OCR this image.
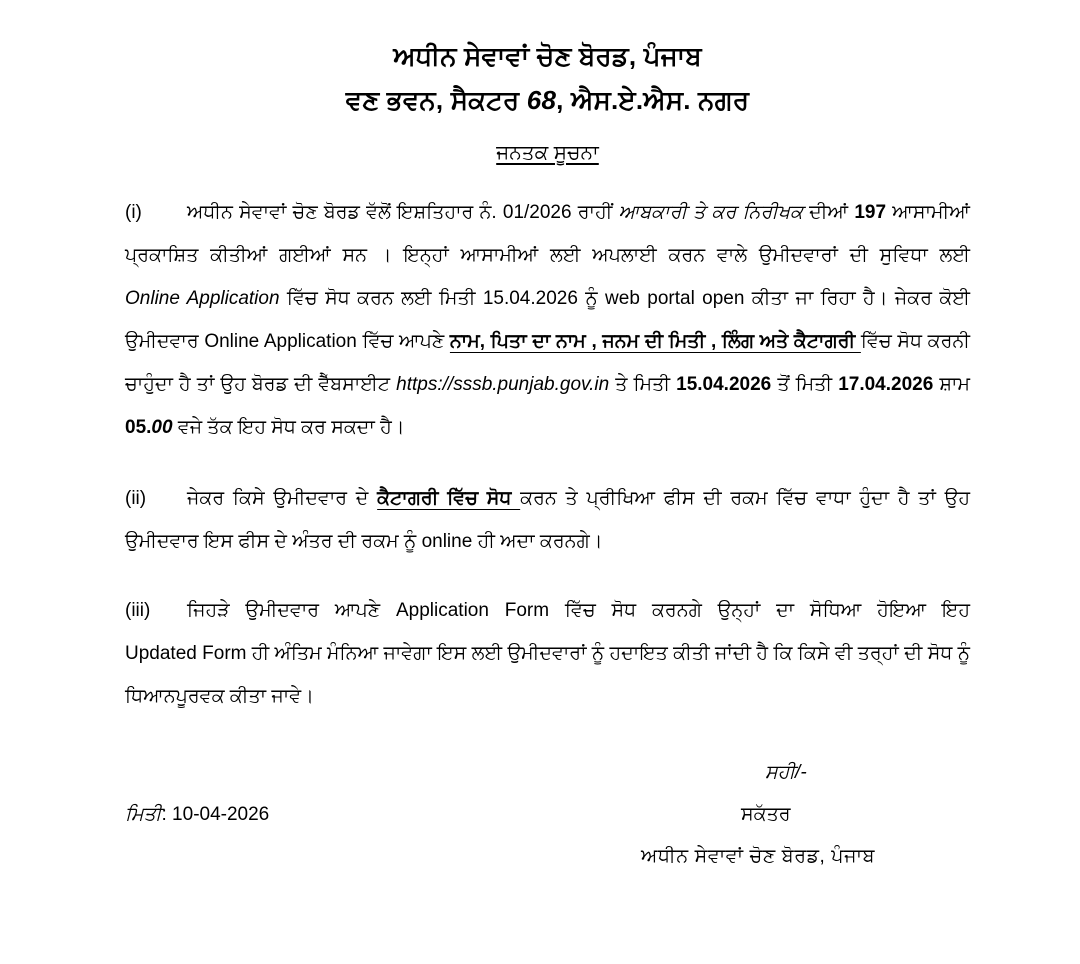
ਅਧੀਨ ਸੇਵਾਵਾਂ ਚੋਣ ਬੋਰਡ, ਪੰਜਾਬ
ਵਣ ਭਵਨ, ਸੈਕਟਰ 68, ਐਸ.ਏ.ਐਸ. ਨਗਰ
ਜਨਤਕ ਸੂਚਨਾ
(i) ਅਧੀਨ ਸੇਵਾਵਾਂ ਚੋਣ ਬੋਰਡ ਵੱਲੋਂ ਇਸ਼ਤਿਹਾਰ ਨੰ. 01/2026 ਰਾਹੀਂ ਆਬਕਾਰੀ ਤੇ ਕਰ ਨਿਰੀਖਕ ਦੀਆਂ 197 ਆਸਾਮੀਆਂ ਪ੍ਰਕਾਸ਼ਿਤ ਕੀਤੀਆਂ ਗਈਆਂ ਸਨ । ਇਨ੍ਹਾਂ ਆਸਾਮੀਆਂ ਲਈ ਅਪਲਾਈ ਕਰਨ ਵਾਲੇ ਉਮੀਦਵਾਰਾਂ ਦੀ ਸੁਵਿਧਾ ਲਈ Online Application ਵਿੱਚ ਸੋਧ ਕਰਨ ਲਈ ਮਿਤੀ 15.04.2026 ਨੂੰ web portal open ਕੀਤਾ ਜਾ ਰਿਹਾ ਹੈ। ਜੇਕਰ ਕੋਈ ਉਮੀਦਵਾਰ Online Application ਵਿੱਚ ਆਪਣੇ ਨਾਮ, ਪਿਤਾ ਦਾ ਨਾਮ , ਜਨਮ ਦੀ ਮਿਤੀ , ਲਿੰਗ ਅਤੇ ਕੈਟਾਗਰੀ ਵਿੱਚ ਸੋਧ ਕਰਨੀ ਚਾਹੁੰਦਾ ਹੈ ਤਾਂ ਉਹ ਬੋਰਡ ਦੀ ਵੈੱਬਸਾਈਟ https://sssb.punjab.gov.in ਤੇ ਮਿਤੀ 15.04.2026 ਤੋਂ ਮਿਤੀ 17.04.2026 ਸ਼ਾਮ 05.00 ਵਜੇ ਤੱਕ ਇਹ ਸੋਧ ਕਰ ਸਕਦਾ ਹੈ।
(ii) ਜੇਕਰ ਕਿਸੇ ਉਮੀਦਵਾਰ ਦੇ ਕੈਟਾਗਰੀ ਵਿੱਚ ਸੋਧ ਕਰਨ ਤੇ ਪ੍ਰੀਖਿਆ ਫੀਸ ਦੀ ਰਕਮ ਵਿੱਚ ਵਾਧਾ ਹੁੰਦਾ ਹੈ ਤਾਂ ਉਹ ਉਮੀਦਵਾਰ ਇਸ ਫੀਸ ਦੇ ਅੰਤਰ ਦੀ ਰਕਮ ਨੂੰ online ਹੀ ਅਦਾ ਕਰਨਗੇ।
(iii) ਜਿਹੜੇ ਉਮੀਦਵਾਰ ਆਪਣੇ Application Form ਵਿੱਚ ਸੋਧ ਕਰਨਗੇ ਉਨ੍ਹਾਂ ਦਾ ਸੋਧਿਆ ਹੋਇਆ ਇਹ Updated Form ਹੀ ਅੰਤਿਮ ਮੰਨਿਆ ਜਾਵੇਗਾ ਇਸ ਲਈ ਉਮੀਦਵਾਰਾਂ ਨੂੰ ਹਦਾਇਤ ਕੀਤੀ ਜਾਂਦੀ ਹੈ ਕਿ ਕਿਸੇ ਵੀ ਤਰ੍ਹਾਂ ਦੀ ਸੋਧ ਨੂੰ ਧਿਆਨਪੂਰਵਕ ਕੀਤਾ ਜਾਵੇ।
ਸਹੀ/-
ਮਿਤੀ: 10-04-2026	ਸਕੱਤਰ
ਅਧੀਨ ਸੇਵਾਵਾਂ ਚੋਣ ਬੋਰਡ, ਪੰਜਾਬ
